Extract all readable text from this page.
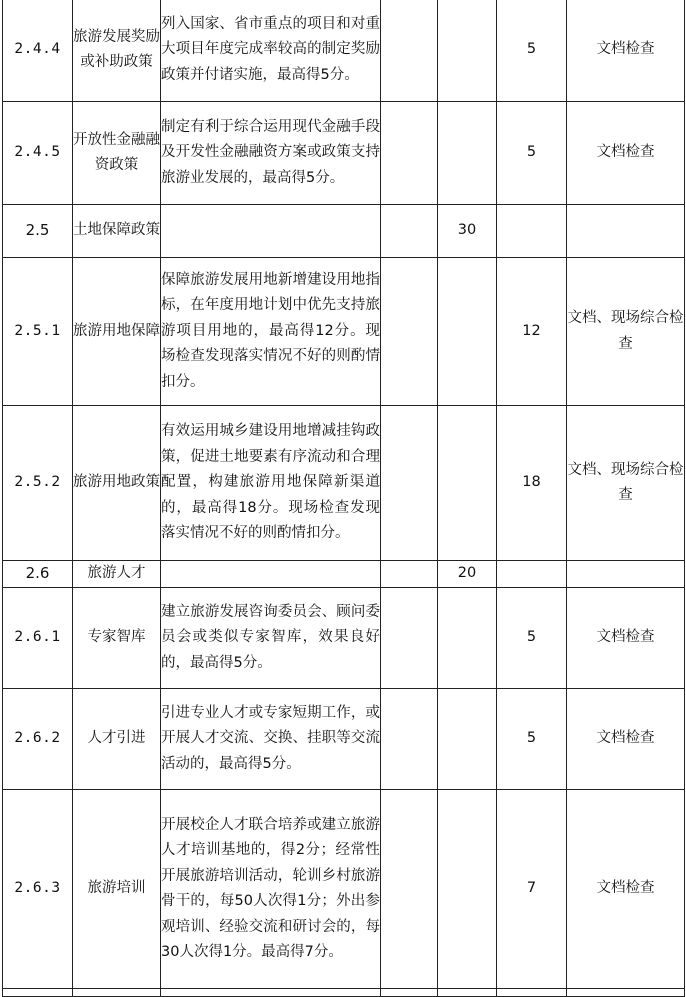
2.4.4	旅游发展奖励或补助政策	列入国家、省市重点的项目和对重大项目年度完成率较高的制定奖励政策并付诸实施，最高得5分。			5	文档检查
2.4.5	开放性金融融资政策	制定有利于综合运用现代金融手段及开发性金融融资方案或政策支持旅游业发展的，最高得5分。			5	文档检查
2.5	土地保障政策			30		
2.5.1	旅游用地保障	保障旅游发展用地新增建设用地指标，在年度用地计划中优先支持旅游项目用地的，最高得12分。现场检查发现落实情况不好的则酌情扣分。			12	文档、现场综合检查
2.5.2	旅游用地政策	有效运用城乡建设用地增减挂钩政策，促进土地要素有序流动和合理配置，构建旅游用地保障新渠道的，最高得18分。现场检查发现落实情况不好的则酌情扣分。			18	文档、现场综合检查
2.6	旅游人才			20		
2.6.1	专家智库	建立旅游发展咨询委员会、顾问委员会或类似专家智库，效果良好的，最高得5分。			5	文档检查
2.6.2	人才引进	引进专业人才或专家短期工作，或开展人才交流、交换、挂职等交流活动的，最高得5分。			5	文档检查
2.6.3	旅游培训	开展校企人才联合培养或建立旅游人才培训基地的，得2分；经常性开展旅游培训活动，轮训乡村旅游骨干的，每50人次得1分；外出参观培训、经验交流和研讨会的，每30人次得1分。最高得7分。			7	文档检查
